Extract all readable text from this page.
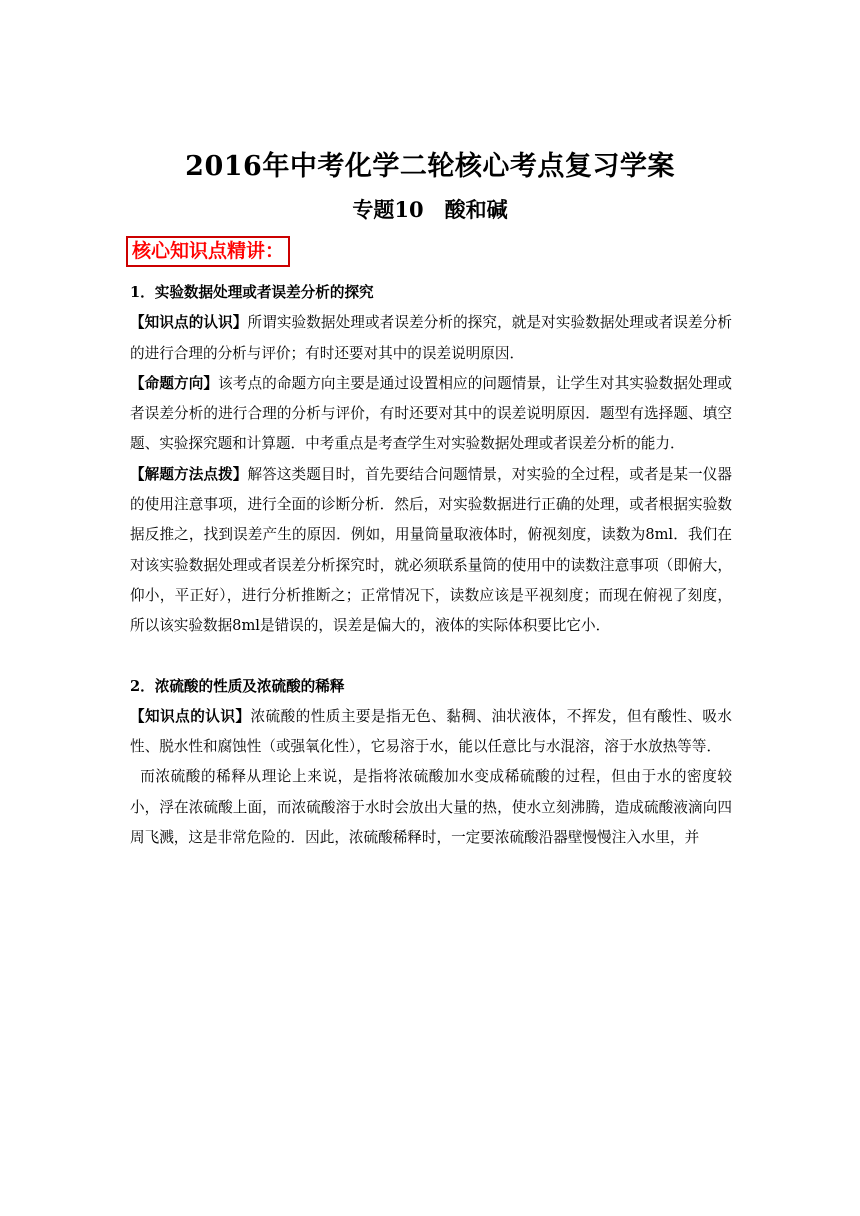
2016年中考化学二轮核心考点复习学案
专题10　酸和碱
核心知识点精讲：

1．实验数据处理或者误差分析的探究

【知识点的认识】所谓实验数据处理或者误差分析的探究，就是对实验数据处理或者误差分析的进行合理的分析与评价；有时还要对其中的误差说明原因．

【命题方向】该考点的命题方向主要是通过设置相应的问题情景，让学生对其实验数据处理或者误差分析的进行合理的分析与评价，有时还要对其中的误差说明原因．题型有选择题、填空题、实验探究题和计算题．中考重点是考查学生对实验数据处理或者误差分析的能力．

【解题方法点拨】解答这类题目时，首先要结合问题情景，对实验的全过程，或者是某一仪器的使用注意事项，进行全面的诊断分析．然后，对实验数据进行正确的处理，或者根据实验数据反推之，找到误差产生的原因．例如，用量筒量取液体时，俯视刻度，读数为8ml．我们在对该实验数据处理或者误差分析探究时，就必须联系量筒的使用中的读数注意事项（即俯大，仰小，平正好），进行分析推断之；正常情况下，读数应该是平视刻度；而现在俯视了刻度，所以该实验数据8ml是错误的，误差是偏大的，液体的实际体积要比它小．

2．浓硫酸的性质及浓硫酸的稀释

【知识点的认识】浓硫酸的性质主要是指无色、黏稠、油状液体，不挥发，但有酸性、吸水性、脱水性和腐蚀性（或强氧化性），它易溶于水，能以任意比与水混溶，溶于水放热等等．

而浓硫酸的稀释从理论上来说，是指将浓硫酸加水变成稀硫酸的过程，但由于水的密度较小，浮在浓硫酸上面，而浓硫酸溶于水时会放出大量的热，使水立刻沸腾，造成硫酸液滴向四周飞溅，这是非常危险的．因此，浓硫酸稀释时，一定要浓硫酸沿器壁慢慢注入水里，并
